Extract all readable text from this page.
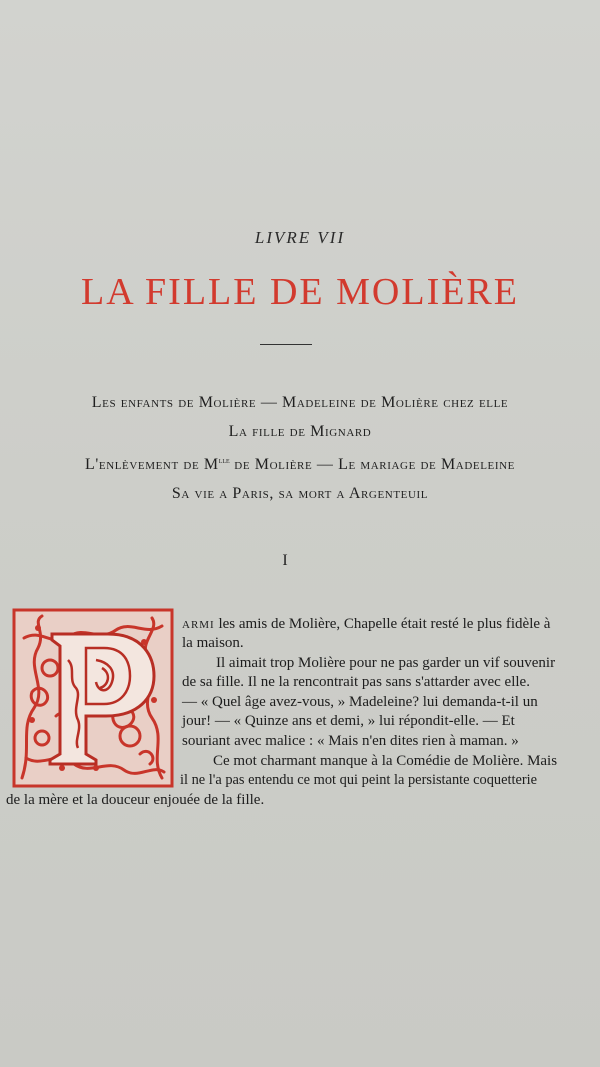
LIVRE VII
LA FILLE DE MOLIÈRE
Les enfants de Molière — Madeleine de Molière chez elle
La fille de Mignard
L'enlèvement de $M^{lle}$ de Molière — Le mariage de Madeleine
Sa vie a Paris, sa mort a Argenteuil
I
armi les amis de Molière, Chapelle était resté le plus fidèle à
la maison.
Il aimait trop Molière pour ne pas garder un vif souvenir
de sa fille. Il ne la rencontrait pas sans s'attarder avec elle.
— « Quel âge avez-vous, » Madeleine? lui demanda-t-il un
jour! — « Quinze ans et demi, » lui répondit-elle. — Et
souriant avec malice : « Mais n'en dites rien à maman. »
Ce mot charmant manque à la Comédie de Molière. Mais
il ne l'a pas entendu ce mot qui peint la persistante coquetterie
de la mère et la douceur enjouée de la fille.
